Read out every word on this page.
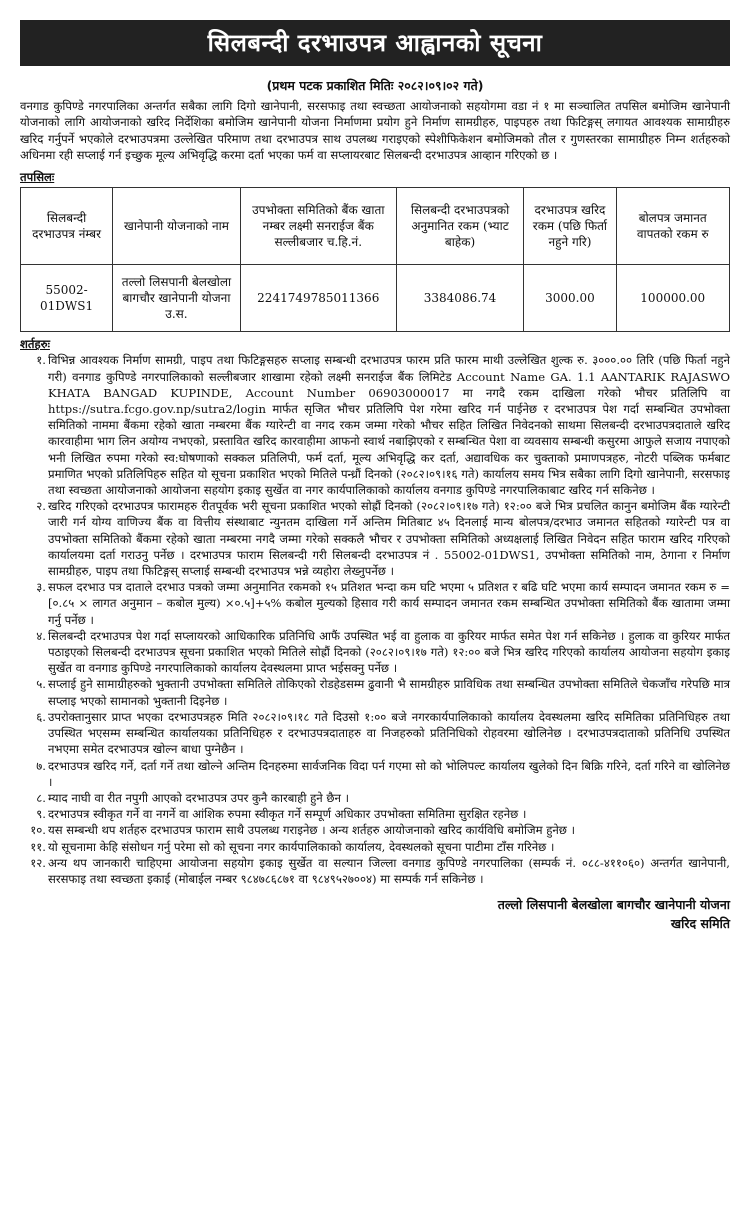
सिलबन्दी दरभाउपत्र आह्वानको सूचना
(प्रथम पटक प्रकाशित मितिः २०८२।०९।०२ गते)

वनगाड कुपिण्डे नगरपालिका अन्तर्गत सबैका लागि दिगो खानेपानी, सरसफाइ तथा स्वच्छता आयोजनाको सहयोगमा वडा नं १ मा सञ्चालित तपसिल बमोजिम खानेपानी योजनाको लागि आयोजनाको खरिद निर्देशिका बमोजिम खानेपानी योजना निर्माणमा प्रयोग हुने निर्माण सामग्रीहरु, पाइपहरु तथा फिटिङ्गस् लगायत आवश्यक सामाग्रीहरु खरिद गर्नुपर्ने भएकोले दरभाउपत्रमा उल्लेखित परिमाण तथा दरभाउपत्र साथ उपलब्ध गराइएको स्पेशीफिकेशन बमोजिमको तौल र गुणस्तरका सामाग्रीहरु निम्न शर्तहरुको अधिनमा रही सप्लाई गर्न इच्छुक मूल्य अभिवृद्धि करमा दर्ता भएका फर्म वा सप्लायरबाट सिलबन्दी दरभाउपत्र आव्हान गरिएको छ ।

तपसिलः
सिलबन्दी दरभाउपत्र नंम्बर	खानेपानी योजनाको नाम	उपभोक्ता समितिको बैंक खाता नम्बर लक्ष्मी सनराईज बैंक सल्लीबजार च.हि.नं.	सिलबन्दी दरभाउपत्रको अनुमानित रकम (भ्याट बाहेक)	दरभाउपत्र खरिद रकम (पछि फिर्ता नहुने गरि)	बोलपत्र जमानत वापतको रकम रु
55002-01DWS1	तल्लो लिसपानी बेलखोला बागचौर खानेपानी योजना उ.स.	2241749785011366	3384086.74	3000.00	100000.00
शर्तहरुः
१. विभिन्न आवश्यक निर्माण सामग्री, पाइप तथा फिटिङ्गसहरु सप्लाइ सम्बन्धी दरभाउपत्र फारम प्रति फारम माथी उल्लेखित शुल्क रु. ३०००.०० तिरि (पछि फिर्ता नहुने गरी) वनगाड कुपिण्डे नगरपालिकाको सल्लीबजार शाखामा रहेको लक्ष्मी सनराईज बैंक लिमिटेड Account Name GA. 1.1 AANTARIK RAJASWO KHATA BANGAD KUPINDE, Account Number 06903000017 मा नगदै रकम दाखिला गरेको भौचर प्रतिलिपि वा https://sutra.fcgo.gov.np/sutra2/login मार्फत सृजित भौचर प्रतिलिपि पेश गरेमा खरिद गर्न पाईनेछ र दरभाउपत्र पेश गर्दा सम्बन्धित उपभोक्ता समितिको नाममा बैंकमा रहेको खाता नम्बरमा बैंक ग्यारेन्टी वा नगद रकम जम्मा गरेको भौचर सहित लिखित निवेदनको साथमा सिलबन्दी दरभाउपत्रदाताले खरिद कारवाहीमा भाग लिन अयोग्य नभएको, प्रस्तावित खरिद कारवाहीमा आफनो स्वार्थ नबाझिएको र सम्बन्धित पेशा वा व्यवसाय सम्बन्धी कसुरमा आफुले सजाय नपाएको भनी लिखित रुपमा गरेको स्व:घोषणाको सक्कल प्रतिलिपी, फर्म दर्ता, मूल्य अभिवृद्धि कर दर्ता, अद्यावधिक कर चुक्ताको प्रमाणपत्रहरु, नोटरी पब्लिक फर्मबाट प्रमाणित भएको प्रतिलिपिहरु सहित यो सूचना प्रकाशित भएको मितिले पन्ध्रौं दिनको (२०८२।०९।१६ गते) कार्यालय समय भित्र सबैका लागि दिगो खानेपानी, सरसफाइ तथा स्वच्छता आयोजनाको आयोजना सहयोग इकाइ सुर्खेत वा नगर कार्यपालिकाको कार्यालय वनगाड कुपिण्डे नगरपालिकाबाट खरिद गर्न सकिनेछ ।
२. खरिद गरिएको दरभाउपत्र फारामहरु रीतपूर्वक भरी सूचना प्रकाशित भएको सोह्रौं दिनको (२०८२।०९।१७ गते) १२:०० बजे भित्र प्रचलित कानुन बमोजिम बैंक ग्यारेन्टी जारी गर्न योग्य वाणिज्य बैंक वा वित्तीय संस्थाबाट न्युनतम दाखिला गर्ने अन्तिम मितिबाट ४५ दिनलाई मान्य बोलपत्र/दरभाउ जमानत सहितको ग्यारेन्टी पत्र वा उपभोक्ता समितिको बैंकमा रहेको खाता नम्बरमा नगदै जम्मा गरेको सक्कलै भौचर र उपभोक्ता समितिको अध्यक्षलाई लिखित निवेदन सहित फाराम खरिद गरिएको कार्यालयमा दर्ता गराउनु पर्नेछ । दरभाउपत्र फाराम सिलबन्दी गरी सिलबन्दी दरभाउपत्र नं . 55002-01DWS1, उपभोक्ता समितिको नाम, ठेगाना र निर्माण सामग्रीहरु, पाइप तथा फिटिङ्गस् सप्लाई सम्बन्धी दरभाउपत्र भन्ने व्यहोरा लेख्नुपर्नेछ ।
३. सफल दरभाउ पत्र दाताले दरभाउ पत्रको जम्मा अनुमानित रकमको १५ प्रतिशत भन्दा कम घटि भएमा ५ प्रतिशत र बढि घटि भएमा कार्य सम्पादन जमानत रकम रु = [०.८५ × लागत अनुमान – कबोल मुल्य) ×०.५]+५% कबोल मुल्यको हिसाव गरी कार्य सम्पादन जमानत रकम सम्बन्धित उपभोक्ता समितिको बैंक खातामा जम्मा गर्नु पर्नेछ ।
४. सिलबन्दी दरभाउपत्र पेश गर्दा सप्लायरको आधिकारिक प्रतिनिधि आफैं उपस्थित भई वा हुलाक वा कुरियर मार्फत समेत पेश गर्न सकिनेछ । हुलाक वा कुरियर मार्फत पठाइएको सिलबन्दी दरभाउपत्र सूचना प्रकाशित भएको मितिले सोह्रौं दिनको (२०८२।०९।१७ गते) १२:०० बजे भित्र खरिद गरिएको कार्यालय आयोजना सहयोग इकाइ सुर्खेत वा वनगाड कुपिण्डे नगरपालिकाको कार्यालय देवस्थलमा प्राप्त भईसक्नु पर्नेछ ।
५. सप्लाई हुने सामाग्रीहरुको भुक्तानी उपभोक्ता समितिले तोकिएको रोडहेडसम्म ढुवानी भै सामग्रीहरु प्राविधिक तथा सम्बन्धित उपभोक्ता समितिले चेकजाँच गरेपछि मात्र सप्लाइ भएको सामानको भुक्तानी दिइनेछ ।
६. उपरोक्तानुसार प्राप्त भएका दरभाउपत्रहरु मिति २०८२।०९।१८ गते दिउसो १:०० बजे नगरकार्यपालिकाको कार्यालय देवस्थलमा खरिद समितिका प्रतिनिधिहरु तथा उपस्थित भएसम्म सम्बन्धित कार्यालयका प्रतिनिधिहरु र दरभाउपत्रदाताहरु वा निजहरुको प्रतिनिधिको रोहवरमा खोलिनेछ । दरभाउपत्रदाताको प्रतिनिधि उपस्थित नभएमा समेत दरभाउपत्र खोल्न बाधा पुग्नेछैन ।
७. दरभाउपत्र खरिद गर्ने, दर्ता गर्ने तथा खोल्ने अन्तिम दिनहरुमा सार्वजनिक विदा पर्न गएमा सो को भोलिपल्ट कार्यालय खुलेको दिन बिक्रि गरिने, दर्ता गरिने वा खोलिनेछ ।
८. म्याद नाघी वा रीत नपुगी आएको दरभाउपत्र उपर कुनै कारबाही हुने छैन ।
९. दरभाउपत्र स्वीकृत गर्ने वा नगर्ने वा आंशिक रुपमा स्वीकृत गर्ने सम्पूर्ण अधिकार उपभोक्ता समितिमा सुरक्षित रहनेछ ।
१०. यस सम्बन्धी थप शर्तहरु दरभाउपत्र फाराम साथै उपलब्ध गराइनेछ । अन्य शर्तहरु आयोजनाको खरिद कार्यविधि बमोजिम हुनेछ ।
११. यो सूचनामा केहि संसोधन गर्नु परेमा सो को सूचना नगर कार्यपालिकाको कार्यालय, देवस्थलको सूचना पाटीमा टाँस गरिनेछ ।
१२. अन्य थप जानकारी चाहिएमा आयोजना सहयोग इकाइ सुर्खेत वा सल्यान जिल्ला वनगाड कुपिण्डे नगरपालिका (सम्पर्क नं. ०८८-४११०६०) अन्तर्गत खानेपानी, सरसफाइ तथा स्वच्छता इकाई (मोबाईल नम्बर ९८४७८६८७१ वा ९८४९५२७००४) मा सम्पर्क गर्न सकिनेछ ।
तल्लो लिसपानी बेलखोला बागचौर खानेपानी योजना
खरिद समिति
